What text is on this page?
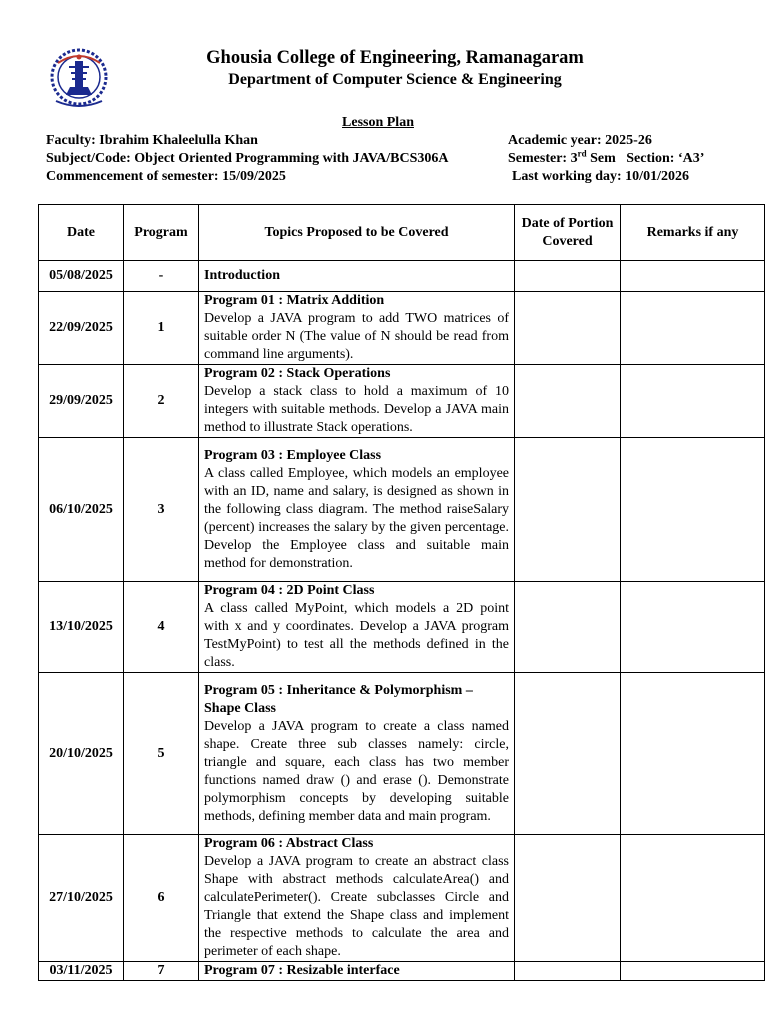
Ghousia College of Engineering, Ramanagaram
Department of Computer Science & Engineering
Lesson Plan
Faculty: Ibrahim Khaleelulla Khan
Subject/Code: Object Oriented Programming with JAVA/BCS306A
Commencement of semester: 15/09/2025
Academic year: 2025-26
Semester: 3rd Sem Section: ‘A3’
Last working day: 10/01/2026
Date	Program	Topics Proposed to be Covered	Date of Portion Covered	Remarks if any
05/08/2025	-	Introduction		
22/09/2025	1	Program 01 : Matrix Addition
Develop a JAVA program to add TWO matrices of suitable order N (The value of N should be read from command line arguments).		

29/09/2025	2	Program 02 : Stack Operations
Develop a stack class to hold a maximum of 10 integers with suitable methods. Develop a JAVA main method to illustrate Stack operations.		

06/10/2025	3	Program 03 : Employee Class
A class called Employee, which models an employee with an ID, name and salary, is designed as shown in the following class diagram. The method raiseSalary (percent) increases the salary by the given percentage. Develop the Employee class and suitable main method for demonstration.		

13/10/2025	4	Program 04 : 2D Point Class
A class called MyPoint, which models a 2D point with x and y coordinates. Develop a JAVA program TestMyPoint) to test all the methods defined in the class.		

20/10/2025	5	Program 05 : Inheritance & Polymorphism – Shape Class
Develop a JAVA program to create a class named shape. Create three sub classes namely: circle, triangle and square, each class has two member functions named draw () and erase (). Demonstrate polymorphism concepts by developing suitable methods, defining member data and main program.		

27/10/2025	6	Program 06 : Abstract Class
Develop a JAVA program to create an abstract class Shape with abstract methods calculateArea() and calculatePerimeter(). Create subclasses Circle and Triangle that extend the Shape class and implement the respective methods to calculate the area and perimeter of each shape.		

03/11/2025	7	Program 07 : Resizable interface		
